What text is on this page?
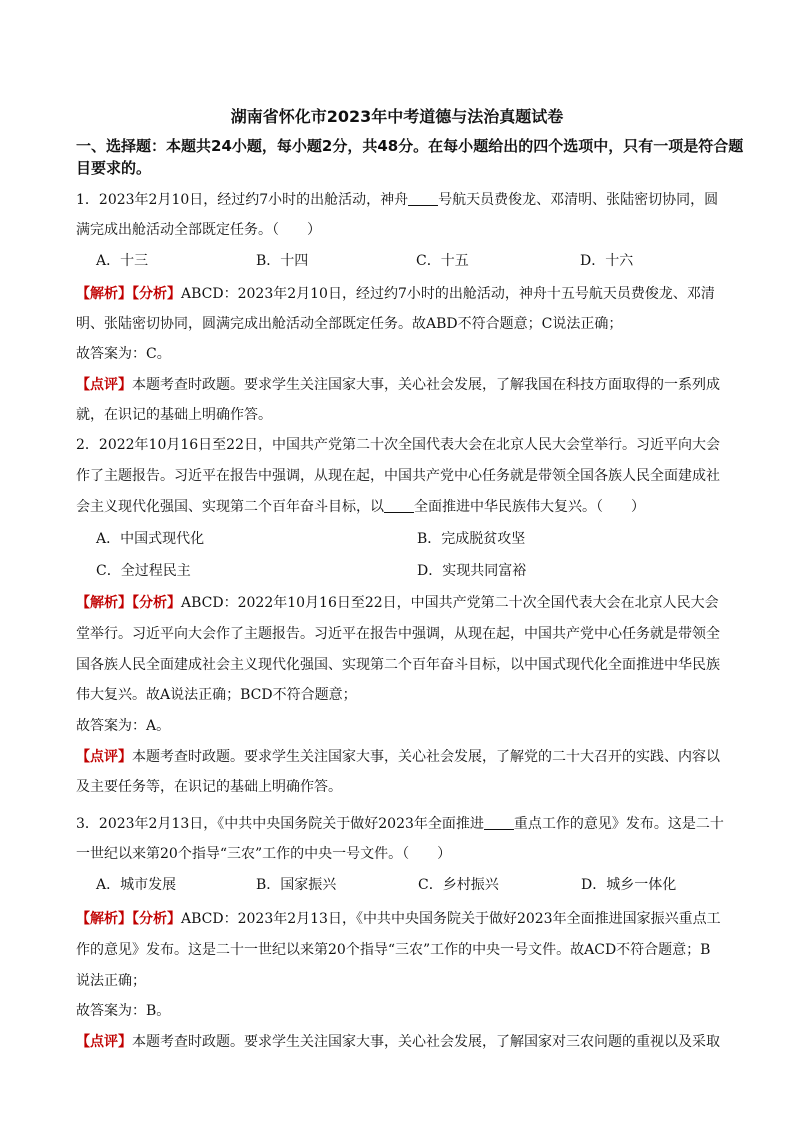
湖南省怀化市2023年中考道德与法治真题试卷
一、选择题：本题共24小题，每小题2分，共48分。在每小题给出的四个选项中，只有一项是符合题目要求的。
1．2023年2月10日，经过约7小时的出舱活动，神舟 号航天员费俊龙、邓清明、张陆密切协同，圆
满完成出舱活动全部既定任务。（　　）
A．十三	B．十四	C．十五	D．十六
【解析】【分析】ABCD：2023年2月10日，经过约7小时的出舱活动，神舟十五号航天员费俊龙、邓清
明、张陆密切协同，圆满完成出舱活动全部既定任务。故ABD不符合题意；C说法正确；
故答案为：C。
【点评】本题考查时政题。要求学生关注国家大事，关心社会发展，了解我国在科技方面取得的一系列成
就，在识记的基础上明确作答。
2．2022年10月16日至22日，中国共产党第二十次全国代表大会在北京人民大会堂举行。习近平向大会
作了主题报告。习近平在报告中强调，从现在起，中国共产党中心任务就是带领全国各族人民全面建成社
会主义现代化强国、实现第二个百年奋斗目标，以 全面推进中华民族伟大复兴。（　　）
A．中国式现代化	B．完成脱贫攻坚
C．全过程民主	D．实现共同富裕
【解析】【分析】ABCD：2022年10月16日至22日，中国共产党第二十次全国代表大会在北京人民大会
堂举行。习近平向大会作了主题报告。习近平在报告中强调，从现在起，中国共产党中心任务就是带领全
国各族人民全面建成社会主义现代化强国、实现第二个百年奋斗目标，以中国式现代化全面推进中华民族
伟大复兴。故A说法正确；BCD不符合题意；
故答案为：A。
【点评】本题考查时政题。要求学生关注国家大事，关心社会发展，了解党的二十大召开的实践、内容以
及主要任务等，在识记的基础上明确作答。
3．2023年2月13日，《中共中央国务院关于做好2023年全面推进 重点工作的意见》发布。这是二十
一世纪以来第20个指导“三农”工作的中央一号文件。（　　）
A．城市发展	B．国家振兴	C．乡村振兴	D．城乡一体化
【解析】【分析】ABCD：2023年2月13日，《中共中央国务院关于做好2023年全面推进国家振兴重点工
作的意见》发布。这是二十一世纪以来第20个指导“三农”工作的中央一号文件。故ACD不符合题意；B
说法正确；
故答案为：B。
【点评】本题考查时政题。要求学生关注国家大事，关心社会发展，了解国家对三农问题的重视以及采取
